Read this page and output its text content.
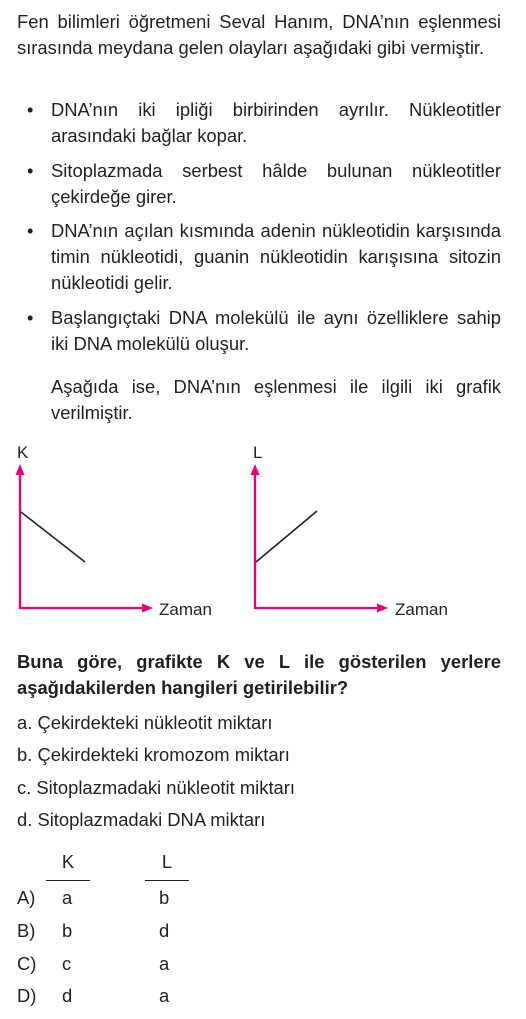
Fen bilimleri öğretmeni Seval Hanım, DNA’nın eşlenmesi sırasında meydana gelen olayları aşağıdaki gibi vermiştir.
• DNA’nın iki ipliği birbirinden ayrılır. Nükleotitler arasındaki bağlar kopar.
• Sitoplazmada serbest hâlde bulunan nükleotitler çekirdeğe girer.
• DNA’nın açılan kısmında adenin nükleotidin karşısında timin nükleotidi, guanin nükleotidin karışısına sitozin nükleotidi gelir.
• Başlangıçtaki DNA molekülü ile aynı özelliklere sahip iki DNA molekülü oluşur.
Aşağıda ise, DNA’nın eşlenmesi ile ilgili iki grafik verilmiştir.
K
Zaman
L
Zaman
Buna göre, grafikte K ve L ile gösterilen yerlere aşağıdakilerden hangileri getirilebilir?
a. Çekirdekteki nükleotit miktarı
b. Çekirdekteki kromozom miktarı
c. Sitoplazmadaki nükleotit miktarı
d. Sitoplazmadaki DNA miktarı
K	L
A) a	b
B) b	d
C) c	a
D) d	a
